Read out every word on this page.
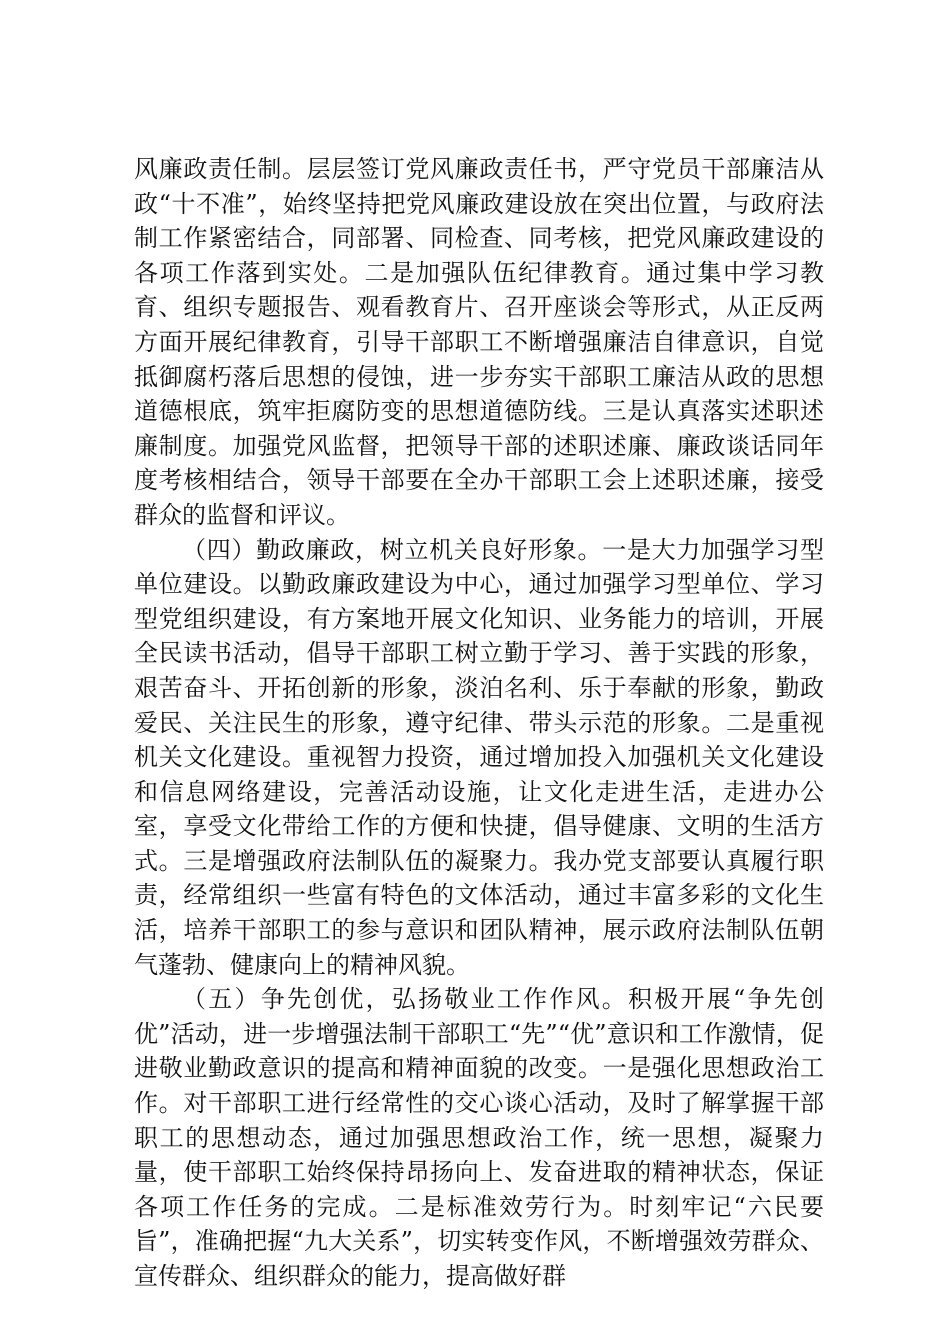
风廉政责任制。层层签订党风廉政责任书，严守党员干部廉洁从政“十不准”，始终坚持把党风廉政建设放在突出位置，与政府法制工作紧密结合，同部署、同检查、同考核，把党风廉政建设的各项工作落到实处。二是加强队伍纪律教育。通过集中学习教育、组织专题报告、观看教育片、召开座谈会等形式，从正反两方面开展纪律教育，引导干部职工不断增强廉洁自律意识，自觉抵御腐朽落后思想的侵蚀，进一步夯实干部职工廉洁从政的思想道德根底，筑牢拒腐防变的思想道德防线。三是认真落实述职述廉制度。加强党风监督，把领导干部的述职述廉、廉政谈话同年度考核相结合，领导干部要在全办干部职工会上述职述廉，接受群众的监督和评议。

（四）勤政廉政，树立机关良好形象。一是大力加强学习型单位建设。以勤政廉政建设为中心，通过加强学习型单位、学习型党组织建设，有方案地开展文化知识、业务能力的培训，开展全民读书活动，倡导干部职工树立勤于学习、善于实践的形象，艰苦奋斗、开拓创新的形象，淡泊名利、乐于奉献的形象，勤政爱民、关注民生的形象，遵守纪律、带头示范的形象。二是重视机关文化建设。重视智力投资，通过增加投入加强机关文化建设和信息网络建设，完善活动设施，让文化走进生活，走进办公室，享受文化带给工作的方便和快捷，倡导健康、文明的生活方式。三是增强政府法制队伍的凝聚力。我办党支部要认真履行职责，经常组织一些富有特色的文体活动，通过丰富多彩的文化生活，培养干部职工的参与意识和团队精神，展示政府法制队伍朝气蓬勃、健康向上的精神风貌。

（五）争先创优，弘扬敬业工作作风。积极开展“争先创优”活动，进一步增强法制干部职工“先”“优”意识和工作激情，促进敬业勤政意识的提高和精神面貌的改变。一是强化思想政治工作。对干部职工进行经常性的交心谈心活动，及时了解掌握干部职工的思想动态，通过加强思想政治工作，统一思想，凝聚力量，使干部职工始终保持昂扬向上、发奋进取的精神状态，保证各项工作任务的完成。二是标准效劳行为。时刻牢记“六民要旨”，准确把握“九大关系”，切实转变作风，不断增强效劳群众、宣传群众、组织群众的能力，提高做好群
